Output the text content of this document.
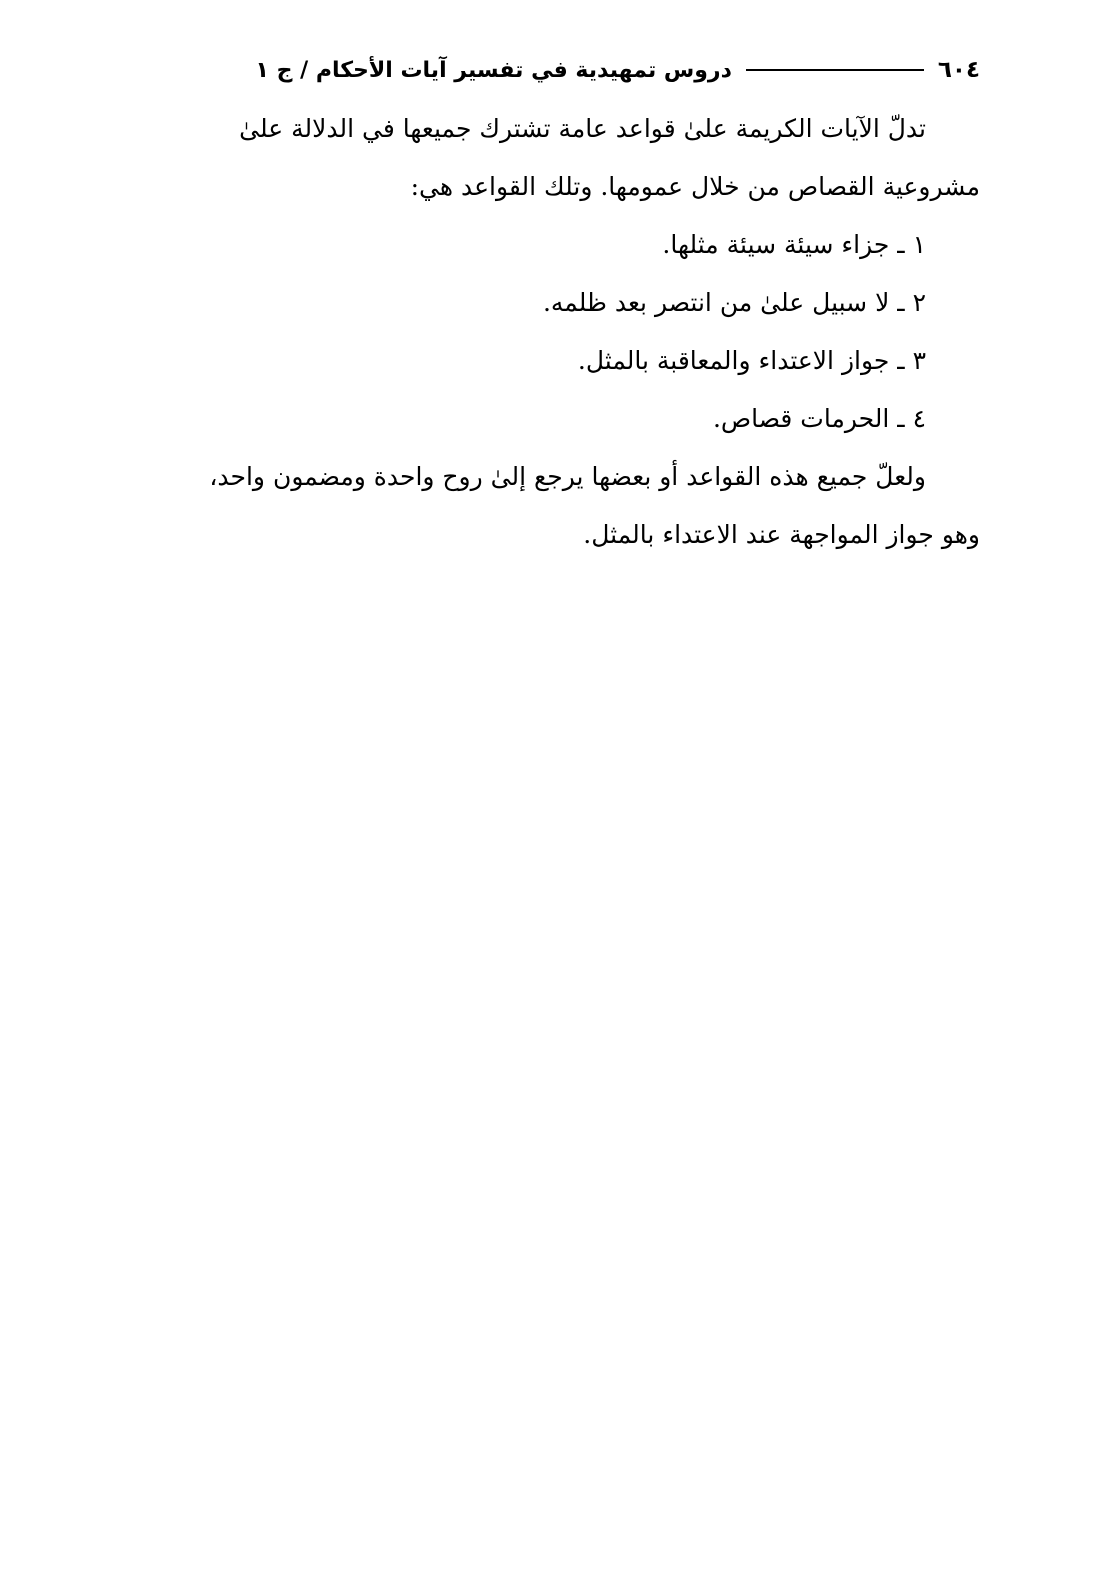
٦٠٤
دروس تمهيدية في تفسير آيات الأحكام / ج ١

تدلّ الآيات الكريمة علىٰ قواعد عامة تشترك جميعها في الدلالة علىٰ

مشروعية القصاص من خلال عمومها. وتلك القواعد هي:

١ ـ جزاء سيئة سيئة مثلها.

٢ ـ لا سبيل علىٰ من انتصر بعد ظلمه.

٣ ـ جواز الاعتداء والمعاقبة بالمثل.

٤ ـ الحرمات قصاص.

ولعلّ جميع هذه القواعد أو بعضها يرجع إلىٰ روح واحدة ومضمون واحد،

وهو جواز المواجهة عند الاعتداء بالمثل.
